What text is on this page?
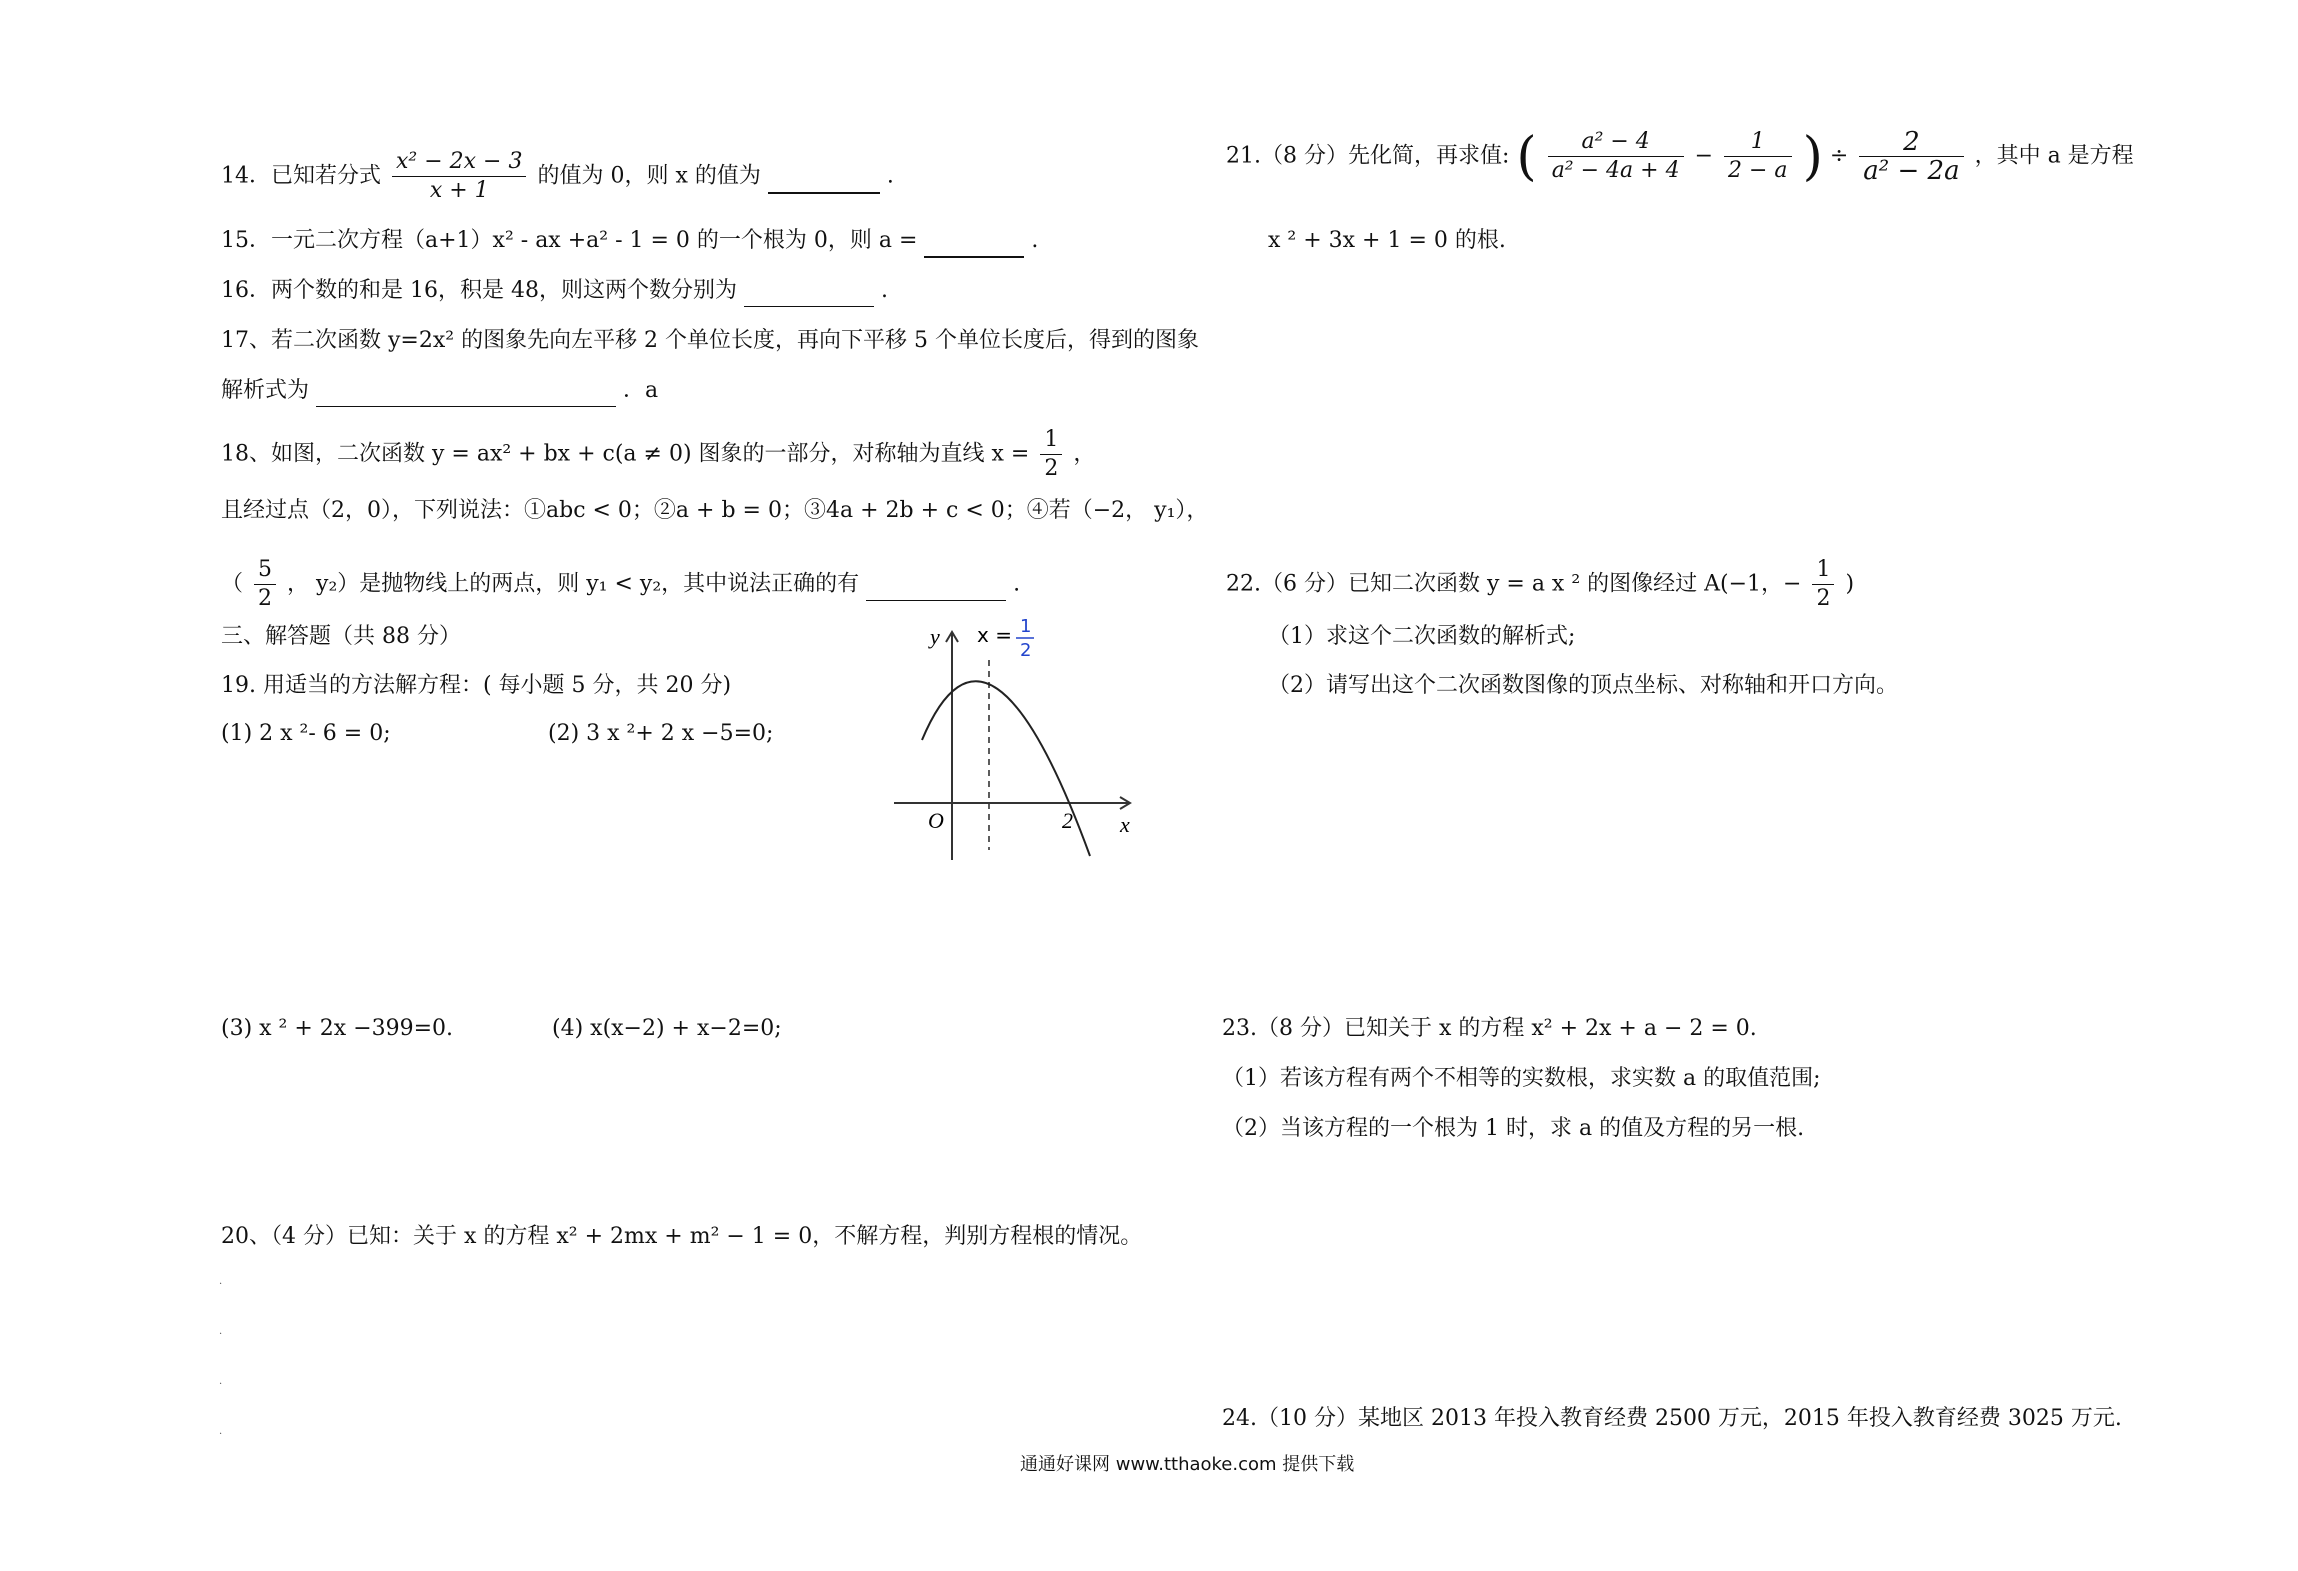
14．已知若分式 $\frac{\text{x² − 2x − 3}}{x + 1}$ 的值为 0，则 x 的值为	.
15．一元二次方程（a+1）x² - ax +a² - 1 = 0 的一个根为 0，则 a =	.
16．两个数的和是 16，积是 48，则这两个数分别为	.
17、若二次函数 y=2x² 的图象先向左平移 2 个单位长度，再向下平移 5 个单位长度后，得到的图象
解析式为	．a
18、如图，二次函数 y = ax² + bx + c(a ≠ 0) 图象的一部分，对称轴为直线 $x = \frac{1}{2}$ ，
且经过点（2，0），下列说法：①abc < 0；②a + b = 0；③4a + 2b + c < 0；④若（−2， y₁），
（ $\frac{5}{2}$ ， y₂）是抛物线上的两点，则 y₁ < y₂，其中说法正确的有	.
三、解答题（共 88 分）
19. 用适当的方法解方程：( 每小题 5 分，共 20 分)
(1) 2 x ²- 6 = 0;	(2) 3 x ²+ 2 x −5=0;
y
x
O	2
x = 1
2
(3) x ² + 2x −399=0.	(4) x(x−2) + x−2=0;
20、（4 分）已知：关于 x 的方程 x² + 2mx + m² − 1 = 0，不解方程，判别方程根的情况。
.
.
.
.
21.（8 分）先化简，再求值: ( $\frac{\text{a² − 4}}{\text{a² − 4a + 4}} - \frac{1}{2 - a}$ ) ÷ $\frac{2}{\text{a² − 2a}}$ ，其中 a 是方程
x ² + 3x + 1 = 0 的根.
22.（6 分）已知二次函数 y = a x ² 的图像经过 A(−1，− $\frac{1}{2}$ )
（1）求这个二次函数的解析式;
（2）请写出这个二次函数图像的顶点坐标、对称轴和开口方向。
23.（8 分）已知关于 x 的方程 x² + 2x + a − 2 = 0.
（1）若该方程有两个不相等的实数根，求实数 a 的取值范围;
（2）当该方程的一个根为 1 时，求 a 的值及方程的另一根.
24.（10 分）某地区 2013 年投入教育经费 2500 万元，2015 年投入教育经费 3025 万元.
通通好课网 www.tthaoke.com 提供下载
